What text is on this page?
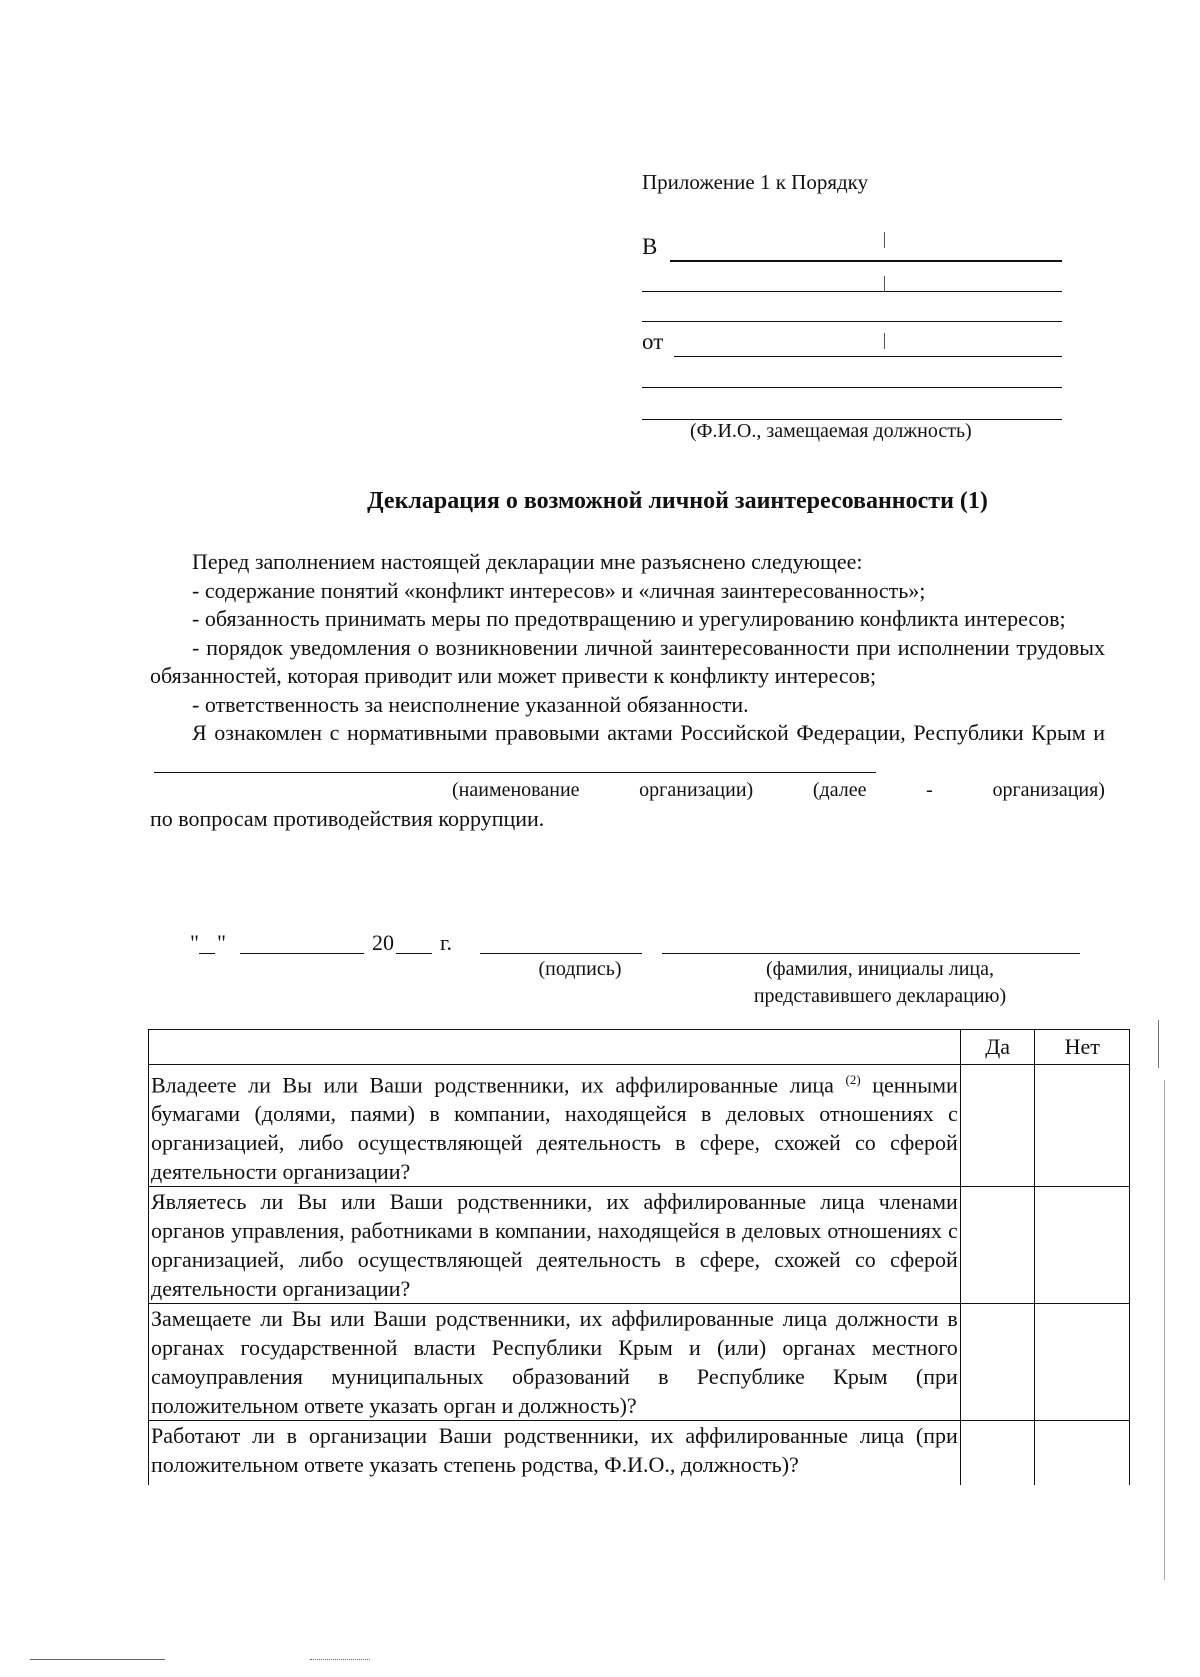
Приложение 1 к Порядку
В
от
(Ф.И.О., замещаемая должность)
Декларация о возможной личной заинтересованности (1)

Перед заполнением настоящей декларации мне разъяснено следующее:

- содержание понятий «конфликт интересов» и «личная заинтересованность»;

- обязанность принимать меры по предотвращению и урегулированию конфликта интересов;

- порядок уведомления о возникновении личной заинтересованности при исполнении трудовых обязанностей, которая приводит или может привести к конфликту интересов;

- ответственность за неисполнение указанной обязанности.

Я ознакомлен с нормативными правовыми актами Российской Федерации, Республики Крым и

(наименование	организации)	(далее	-	организация)

по вопросам противодействия коррупции.

" "	20 г.
(подпись)	(фамилия, инициалы лица,
представившего декларацию)
	Да	Нет
Владеете ли Вы или Ваши родственники, их аффилированные лица $^{(2)}$ ценными бумагами (долями, паями) в компании, находящейся в деловых отношениях с организацией, либо осуществляющей деятельность в сфере, схожей со сферой деятельности организации?		
Являетесь ли Вы или Ваши родственники, их аффилированные лица членами органов управления, работниками в компании, находящейся в деловых отношениях с организацией, либо осуществляющей деятельность в сфере, схожей со сферой деятельности организации?		
Замещаете ли Вы или Ваши родственники, их аффилированные лица должности в органах государственной власти Республики Крым и (или) органах местного самоуправления муниципальных образований в Республике Крым (при положительном ответе указать орган и должность)?		
Работают ли в организации Ваши родственники, их аффилированные лица (при положительном ответе указать степень родства, Ф.И.О., должность)?		
